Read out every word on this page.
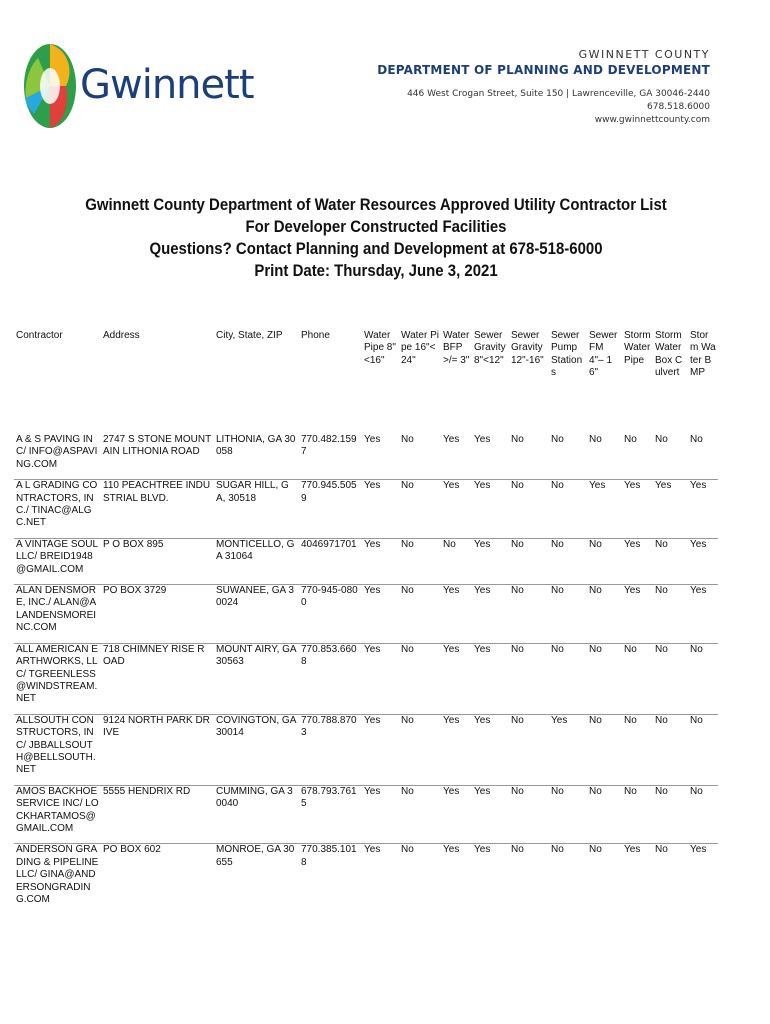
Gwinnett
GWINNETT COUNTY
DEPARTMENT OF PLANNING AND DEVELOPMENT
446 West Crogan Street, Suite 150 | Lawrenceville, GA 30046-2440
678.518.6000
www.gwinnettcounty.com
Gwinnett County Department of Water Resources Approved Utility Contractor List
For Developer Constructed Facilities
Questions? Contact Planning and Development at 678-518-6000
Print Date: Thursday, June 3, 2021
Contractor	Address	City, State, ZIP	Phone	Water Pipe 8"<16"	Water Pipe 16"<24"	Water BFP >/= 3"	Sewer Gravity 8"<12"	Sewer Gravity 12"-16"	Sewer Pump Stations	Sewer FM 4"– 16"	Storm Water Pipe	Storm Water Box Culvert	Storm Water BMP
A & S PAVING INC/ INFO@ASPAVING.COM	2747 S STONE MOUNTAIN LITHONIA ROAD	LITHONIA, GA 30058	770.482.1597	Yes	No	Yes	Yes	No	No	No	No	No	No
A L GRADING CONTRACTORS, INC./ TINAC@ALGC.NET	110 PEACHTREE INDUSTRIAL BLVD.	SUGAR HILL, GA, 30518	770.945.5059	Yes	No	Yes	Yes	No	No	Yes	Yes	Yes	Yes
A VINTAGE SOUL LLC/ BREID1948 @GMAIL.COM	P O BOX 895	MONTICELLO, GA 31064	4046971701	Yes	No	No	Yes	No	No	No	Yes	No	Yes
ALAN DENSMORE, INC./ ALAN@ALANDENSMOREINC.COM	PO BOX 3729	SUWANEE, GA 30024	770-945-0800	Yes	No	Yes	Yes	No	No	No	Yes	No	Yes
ALL AMERICAN EARTHWORKS, LLC/ TGREENLESS@WINDSTREAM.NET	718 CHIMNEY RISE ROAD	MOUNT AIRY, GA 30563	770.853.6608	Yes	No	Yes	Yes	No	No	No	No	No	No
ALLSOUTH CONSTRUCTORS, INC/ JBBALLSOUTH@BELLSOUTH.NET	9124 NORTH PARK DRIVE	COVINGTON, GA 30014	770.788.8703	Yes	No	Yes	Yes	No	Yes	No	No	No	No
AMOS BACKHOE SERVICE INC/ LOCKHARTAMOS@GMAIL.COM	5555 HENDRIX RD	CUMMING, GA 30040	678.793.7615	Yes	No	Yes	Yes	No	No	No	No	No	No
ANDERSON GRADING & PIPELINE LLC/ GINA@ANDERSONGRADING.COM	PO BOX 602	MONROE, GA 30655	770.385.1018	Yes	No	Yes	Yes	No	No	No	Yes	No	Yes
